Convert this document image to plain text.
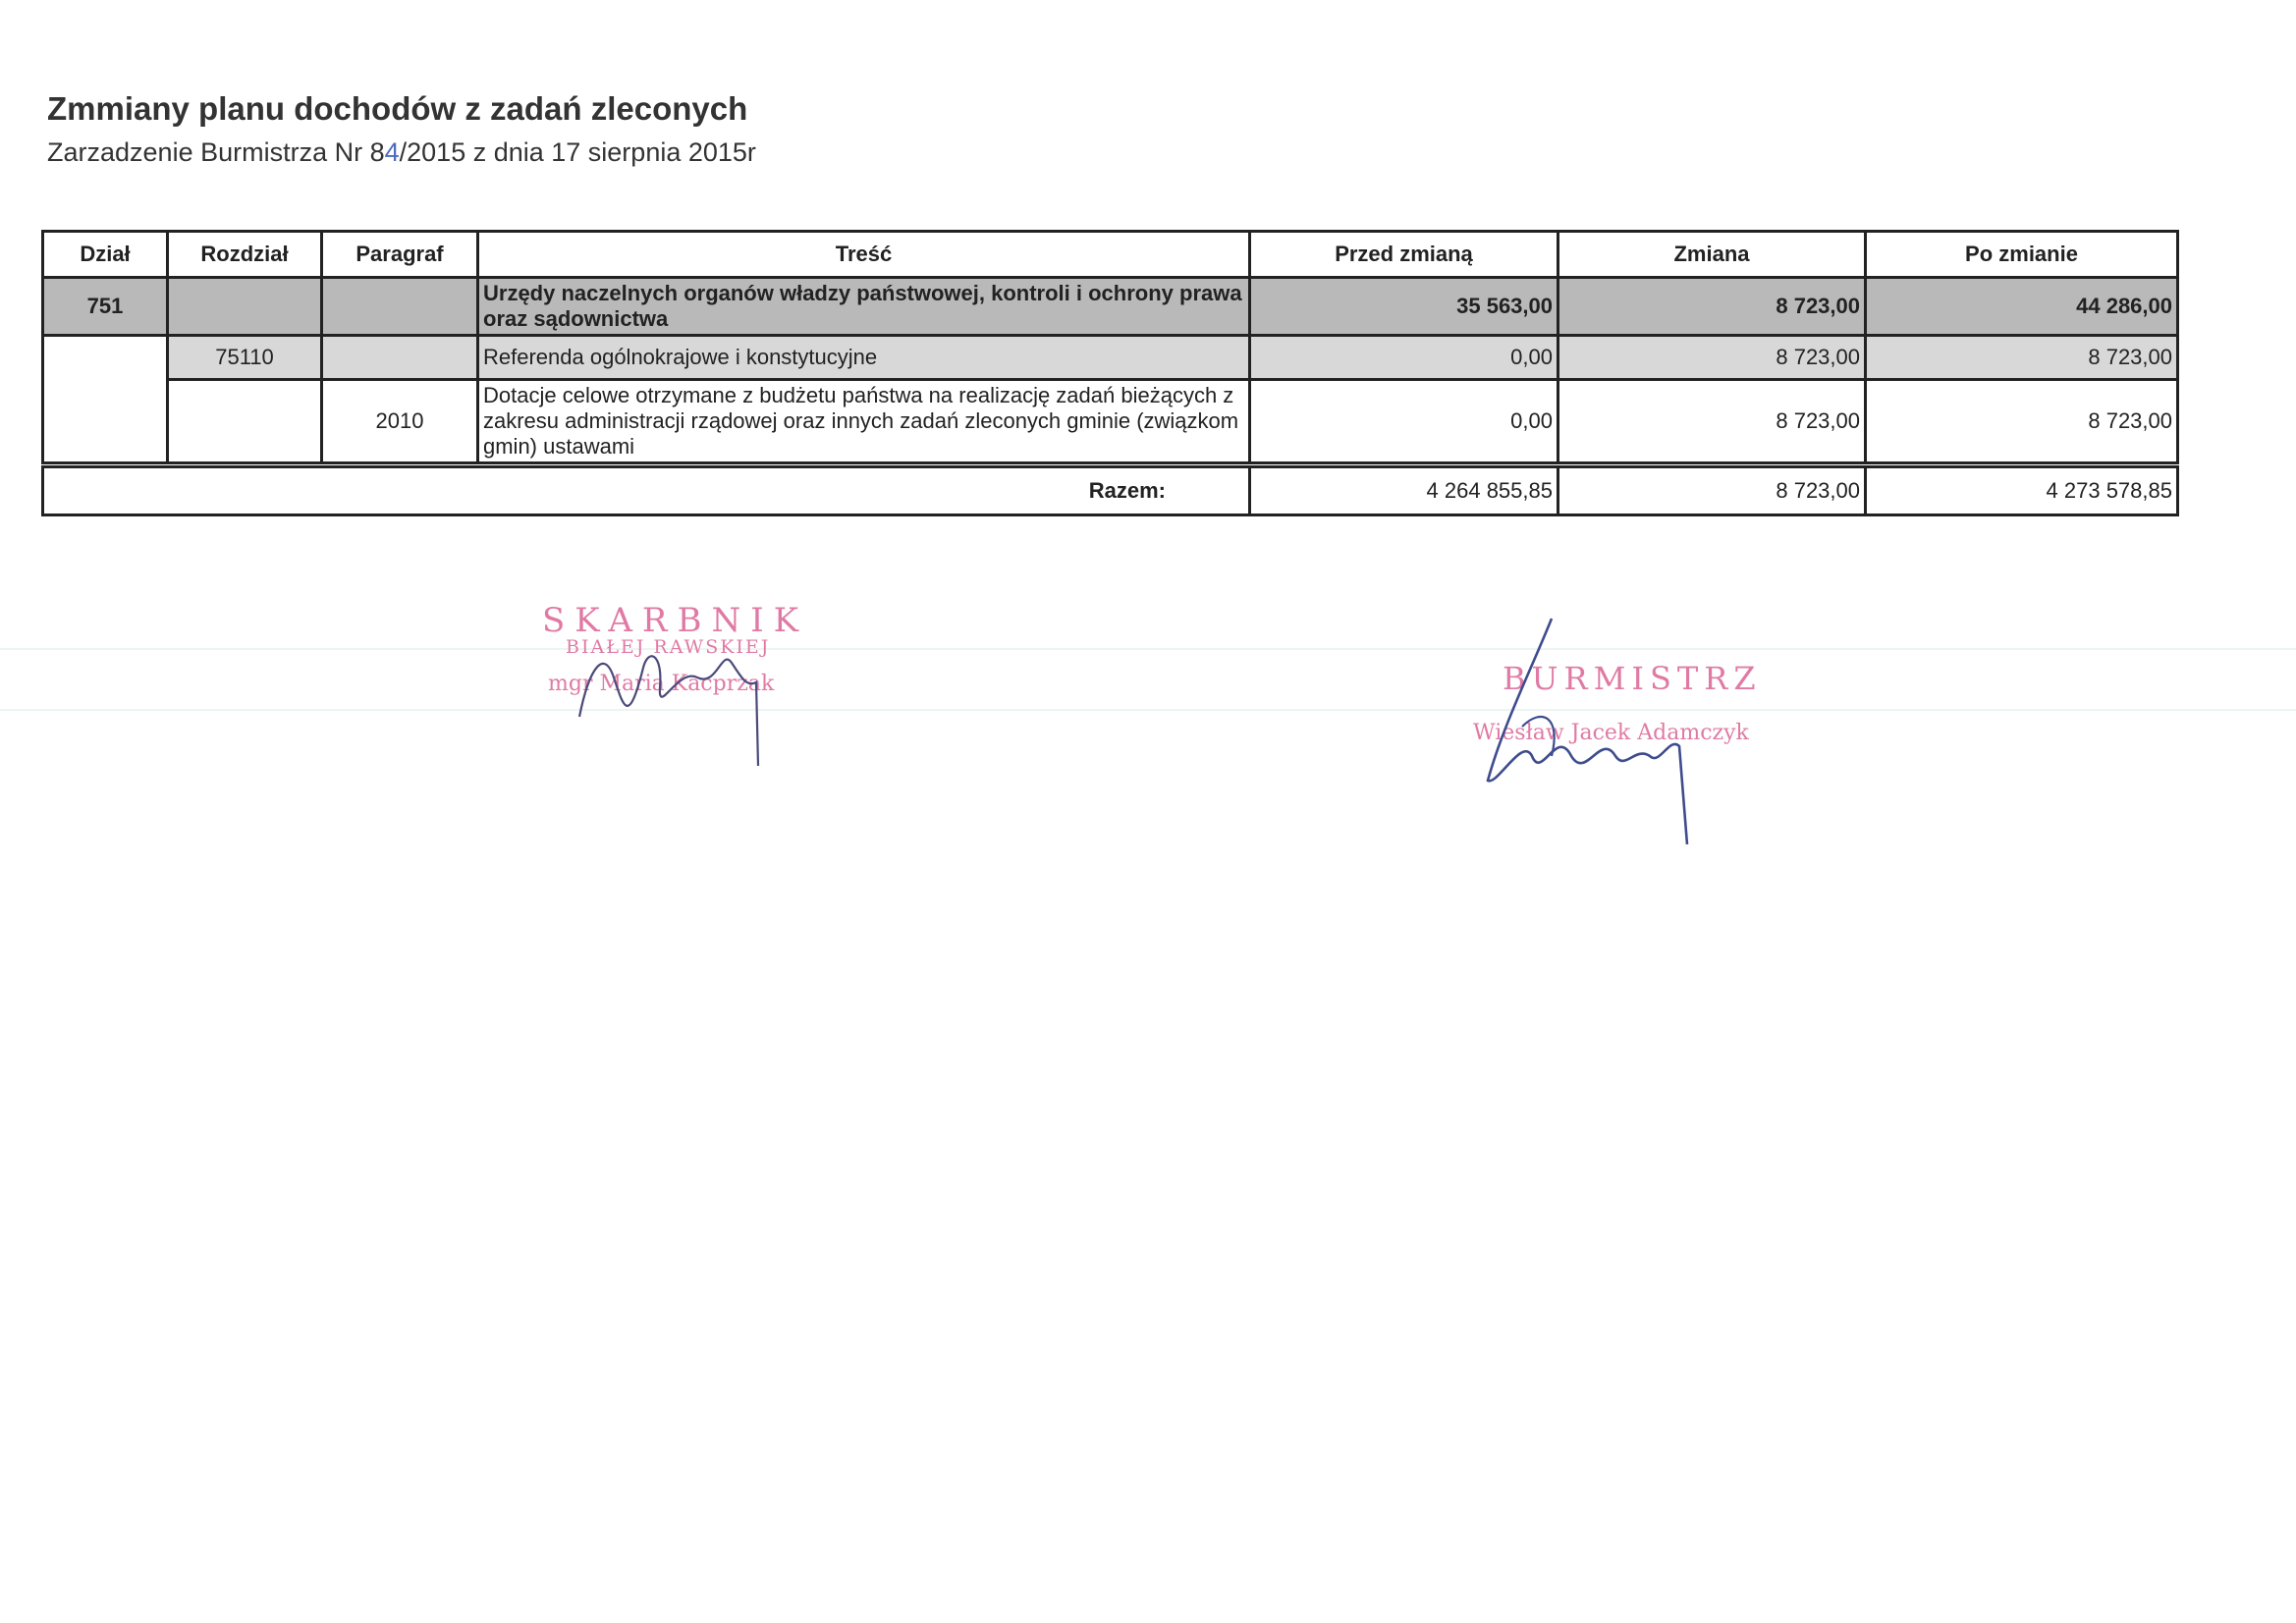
Zmmiany planu dochodów z zadań zleconych
Zarzadzenie Burmistrza Nr 84/2015 z dnia 17 sierpnia 2015r
Dział	Rozdział	Paragraf	Treść	Przed zmianą	Zmiana	Po zmianie
751			Urzędy naczelnych organów władzy państwowej, kontroli i ochrony prawa oraz sądownictwa	35 563,00	8 723,00	44 286,00
	75110		Referenda ogólnokrajowe i konstytucyjne	0,00	8 723,00	8 723,00
		2010	Dotacje celowe otrzymane z budżetu państwa na realizację zadań bieżących z zakresu administracji rządowej oraz innych zadań zleconych gminie (związkom gmin) ustawami	0,00	8 723,00	8 723,00
Razem:	4 264 855,85	8 723,00	4 273 578,85
SKARBNIK
BIAŁEJ RAWSKIEJ
mgr Maria Kacprzak	BURMISTRZ
Wiesław Jacek Adamczyk
